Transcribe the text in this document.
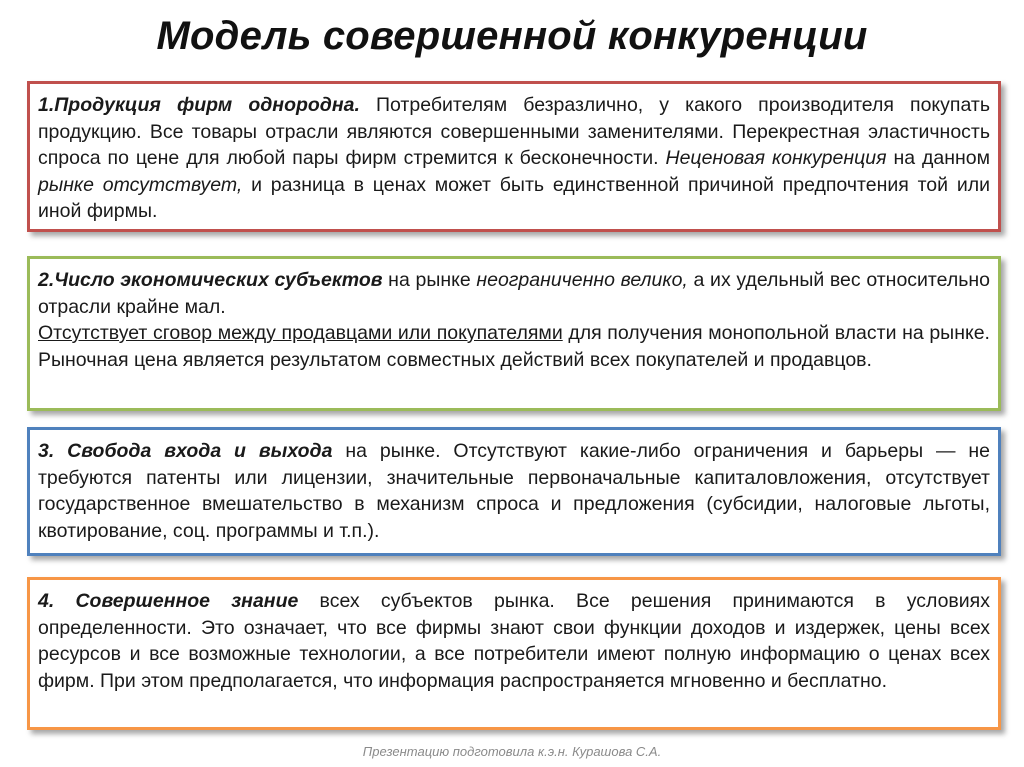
Модель совершенной конкуренции

1.Продукция фирм однородна. Потребителям безразлично, у какого производителя покупать продукцию. Все товары отрасли являются совершенными заменителями. Перекрестная эластичность спроса по цене для любой пары фирм стремится к бесконечности. Неценовая конкуренция на данном рынке отсутствует, и разница в ценах может быть единственной причиной предпочтения той или иной фирмы.

2.Число экономических субъектов на рынке неограниченно велико, а их удельный вес относительно отрасли крайне мал.

Отсутствует сговор между продавцами или покупателями для получения монопольной власти на рынке. Рыночная цена является результатом совместных действий всех покупателей и продавцов.

3. Свобода входа и выхода на рынке. Отсутствуют какие-либо ограничения и барьеры — не требуются патенты или лицензии, значительные первоначальные капиталовложения, отсутствует государственное вмешательство в механизм спроса и предложения (субсидии, налоговые льготы, квотирование, соц. программы и т.п.).

4. Совершенное знание всех субъектов рынка. Все решения принимаются в условиях определенности. Это означает, что все фирмы знают свои функции доходов и издержек, цены всех ресурсов и все возможные технологии, а все потребители имеют полную информацию о ценах всех фирм. При этом предполагается, что информация распространяется мгновенно и бесплатно.

Презентацию подготовила к.э.н. Курашова С.А.
